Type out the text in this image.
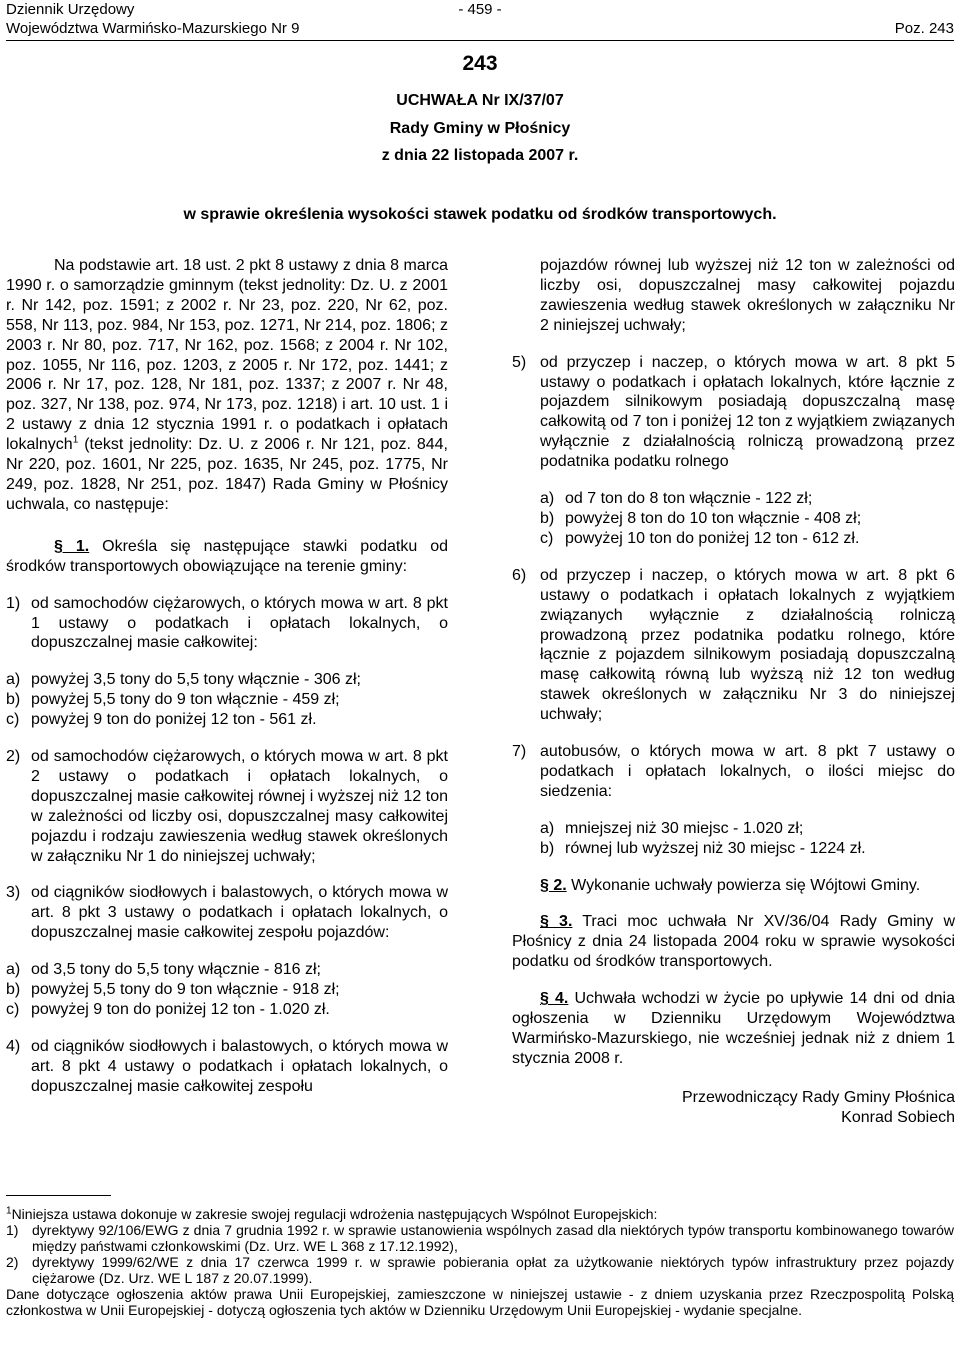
Dziennik Urzędowy
Województwa Warmińsko-Mazurskiego Nr 9
- 459 -
Poz. 243
243
UCHWAŁA Nr IX/37/07
Rady Gminy w Płośnicy
z dnia 22 listopada 2007 r.
w sprawie określenia wysokości stawek podatku od środków transportowych.

Na podstawie art. 18 ust. 2 pkt 8 ustawy z dnia 8 marca 1990 r. o samorządzie gminnym (tekst jednolity: Dz. U. z 2001 r. Nr 142, poz. 1591; z 2002 r. Nr 23, poz. 220, Nr 62, poz. 558, Nr 113, poz. 984, Nr 153, poz. 1271, Nr 214, poz. 1806; z 2003 r. Nr 80, poz. 717, Nr 162, poz. 1568; z 2004 r. Nr 102, poz. 1055, Nr 116, poz. 1203, z 2005 r. Nr 172, poz. 1441; z 2006 r. Nr 17, poz. 128, Nr 181, poz. 1337; z 2007 r. Nr 48, poz. 327, Nr 138, poz. 974, Nr 173, poz. 1218) i art. 10 ust. 1 i 2 ustawy z dnia 12 stycznia 1991 r. o podatkach i opłatach lokalnych$^1$ (tekst jednolity: Dz. U. z 2006 r. Nr 121, poz. 844, Nr 220, poz. 1601, Nr 225, poz. 1635, Nr 245, poz. 1775, Nr 249, poz. 1828, Nr 251, poz. 1847) Rada Gminy w Płośnicy uchwala, co następuje:

§ 1. Określa się następujące stawki podatku od środków transportowych obowiązujące na terenie gminy:

1) od samochodów ciężarowych, o których mowa w art. 8 pkt 1 ustawy o podatkach i opłatach lokalnych, o dopuszczalnej masie całkowitej:
a) powyżej 3,5 tony do 5,5 tony włącznie - 306 zł;
b) powyżej 5,5 tony do 9 ton włącznie - 459 zł;
c) powyżej 9 ton do poniżej 12 ton - 561 zł.
2) od samochodów ciężarowych, o których mowa w art. 8 pkt 2 ustawy o podatkach i opłatach lokalnych, o dopuszczalnej masie całkowitej równej i wyższej niż 12 ton w zależności od liczby osi, dopuszczalnej masy całkowitej pojazdu i rodzaju zawieszenia według stawek określonych w załączniku Nr 1 do niniejszej uchwały;
3) od ciągników siodłowych i balastowych, o których mowa w art. 8 pkt 3 ustawy o podatkach i opłatach lokalnych, o dopuszczalnej masie całkowitej zespołu pojazdów:
a) od 3,5 tony do 5,5 tony włącznie - 816 zł;
b) powyżej 5,5 tony do 9 ton włącznie - 918 zł;
c) powyżej 9 ton do poniżej 12 ton - 1.020 zł.
4) od ciągników siodłowych i balastowych, o których mowa w art. 8 pkt 4 ustawy o podatkach i opłatach lokalnych, o dopuszczalnej masie całkowitej zespołu

pojazdów równej lub wyższej niż 12 ton w zależności od liczby osi, dopuszczalnej masy całkowitej pojazdu zawieszenia według stawek określonych w załączniku Nr 2 niniejszej uchwały;

5) od przyczep i naczep, o których mowa w art. 8 pkt 5 ustawy o podatkach i opłatach lokalnych, które łącznie z pojazdem silnikowym posiadają dopuszczalną masę całkowitą od 7 ton i poniżej 12 ton z wyjątkiem związanych wyłącznie z działalnością rolniczą prowadzoną przez podatnika podatku rolnego
a) od 7 ton do 8 ton włącznie - 122 zł;
b) powyżej 8 ton do 10 ton włącznie - 408 zł;
c) powyżej 10 ton do poniżej 12 ton - 612 zł.
6) od przyczep i naczep, o których mowa w art. 8 pkt 6 ustawy o podatkach i opłatach lokalnych z wyjątkiem związanych wyłącznie z działalnością rolniczą prowadzoną przez podatnika podatku rolnego, które łącznie z pojazdem silnikowym posiadają dopuszczalną masę całkowitą równą lub wyższą niż 12 ton według stawek określonych w załączniku Nr 3 do niniejszej uchwały;
7) autobusów, o których mowa w art. 8 pkt 7 ustawy o podatkach i opłatach lokalnych, o ilości miejsc do siedzenia:
a) mniejszej niż 30 miejsc - 1.020 zł;
b) równej lub wyższej niż 30 miejsc - 1224 zł.

§ 2. Wykonanie uchwały powierza się Wójtowi Gminy.

§ 3. Traci moc uchwała Nr XV/36/04 Rady Gminy w Płośnicy z dnia 24 listopada 2004 roku w sprawie wysokości podatku od środków transportowych.

§ 4. Uchwała wchodzi w życie po upływie 14 dni od dnia ogłoszenia w Dzienniku Urzędowym Województwa Warmińsko-Mazurskiego, nie wcześniej jednak niż z dniem 1 stycznia 2008 r.

Przewodniczący Rady Gminy Płośnica

Konrad Sobiech

$^1$Niniejsza ustawa dokonuje w zakresie swojej regulacji wdrożenia następujących Wspólnot Europejskich:

1) dyrektywy 92/106/EWG z dnia 7 grudnia 1992 r. w sprawie ustanowienia wspólnych zasad dla niektórych typów transportu kombinowanego towarów między państwami członkowskimi (Dz. Urz. WE L 368 z 17.12.1992),
2) dyrektywy 1999/62/WE z dnia 17 czerwca 1999 r. w sprawie pobierania opłat za użytkowanie niektórych typów infrastruktury przez pojazdy ciężarowe (Dz. Urz. WE L 187 z 20.07.1999).

Dane dotyczące ogłoszenia aktów prawa Unii Europejskiej, zamieszczone w niniejszej ustawie - z dniem uzyskania przez Rzeczpospolitą Polską członkostwa w Unii Europejskiej - dotyczą ogłoszenia tych aktów w Dzienniku Urzędowym Unii Europejskiej - wydanie specjalne.
